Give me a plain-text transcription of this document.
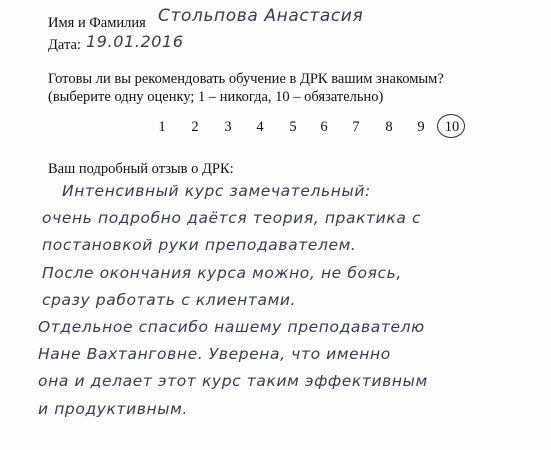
Имя и Фамилия Стольпова Анастасия
Дата: 19.01.2016
Готовы ли вы рекомендовать обучение в ДРК вашим знакомым?
(выберите одну оценку; 1 – никогда, 10 – обязательно)
1	2	3	4	5	6	7	8	9	10
Ваш подробный отзыв о ДРК:
Интенсивный курс замечательный:
очень подробно даётся теория, практика с
постановкой руки преподавателем.
После окончания курса можно, не боясь,
сразу работать с клиентами.
Отдельное спасибо нашему преподавателю
Нане Вахтанговне. Уверена, что именно
она и делает этот курс таким эффективным
и продуктивным.
